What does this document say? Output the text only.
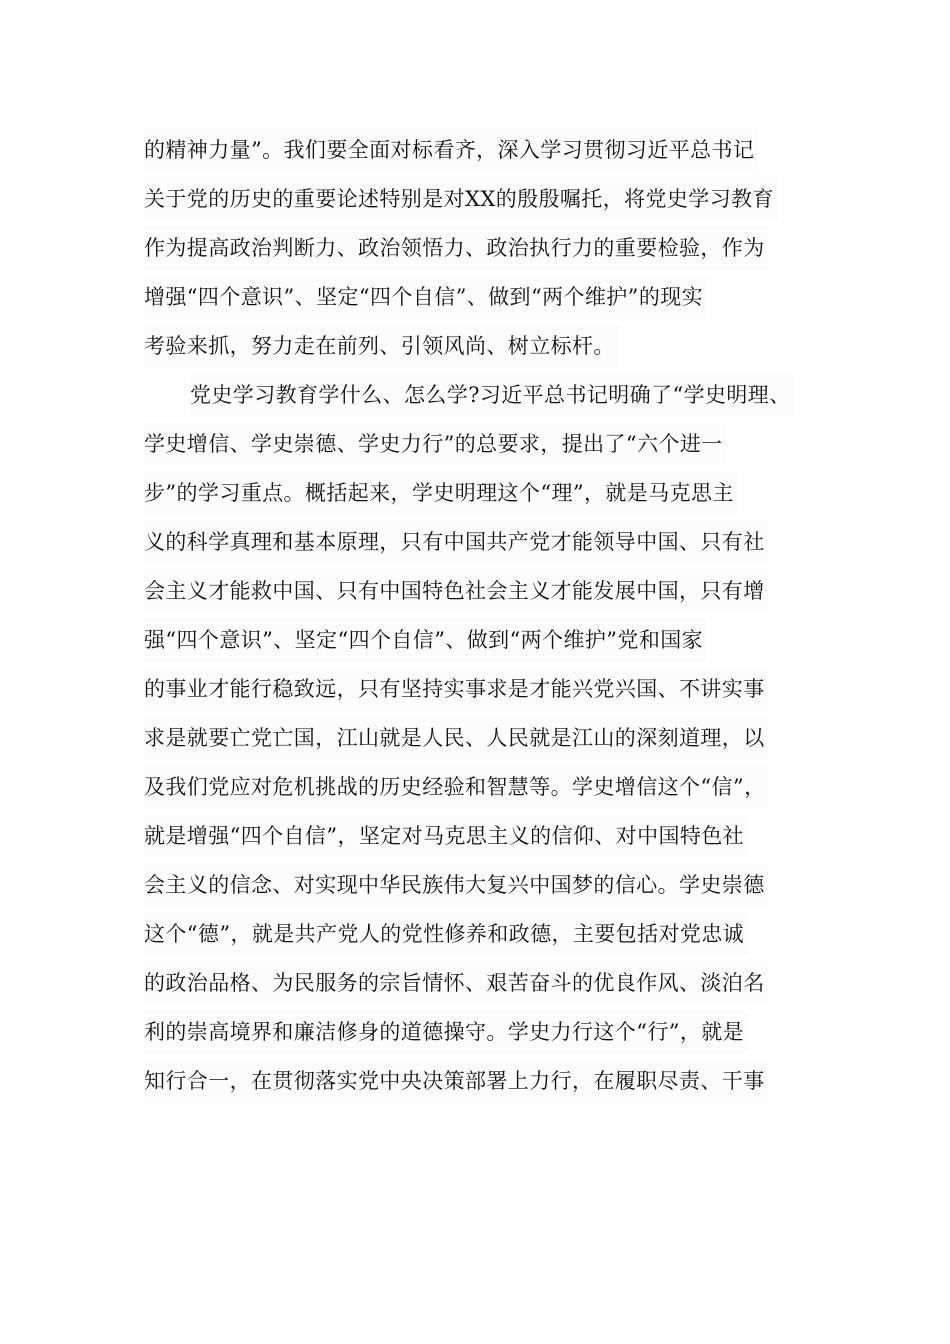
的精神力量”。我们要全面对标看齐，深入学习贯彻习近平总书记
关于党的历史的重要论述特别是对XX的殷殷嘱托，将党史学习教育
作为提高政治判断力、政治领悟力、政治执行力的重要检验，作为
增强“四个意识”、坚定“四个自信”、做到“两个维护”的现实
考验来抓，努力走在前列、引领风尚、树立标杆。
党史学习教育学什么、怎么学?习近平总书记明确了“学史明理、
学史增信、学史崇德、学史力行”的总要求，提出了“六个进一
步”的学习重点。概括起来，学史明理这个“理”，就是马克思主
义的科学真理和基本原理，只有中国共产党才能领导中国、只有社
会主义才能救中国、只有中国特色社会主义才能发展中国，只有增
强“四个意识”、坚定“四个自信”、做到“两个维护”党和国家
的事业才能行稳致远，只有坚持实事求是才能兴党兴国、不讲实事
求是就要亡党亡国，江山就是人民、人民就是江山的深刻道理，以
及我们党应对危机挑战的历史经验和智慧等。学史增信这个“信”，
就是增强“四个自信”，坚定对马克思主义的信仰、对中国特色社
会主义的信念、对实现中华民族伟大复兴中国梦的信心。学史崇德
这个“德”，就是共产党人的党性修养和政德，主要包括对党忠诚
的政治品格、为民服务的宗旨情怀、艰苦奋斗的优良作风、淡泊名
利的崇高境界和廉洁修身的道德操守。学史力行这个“行”，就是
知行合一，在贯彻落实党中央决策部署上力行，在履职尽责、干事
